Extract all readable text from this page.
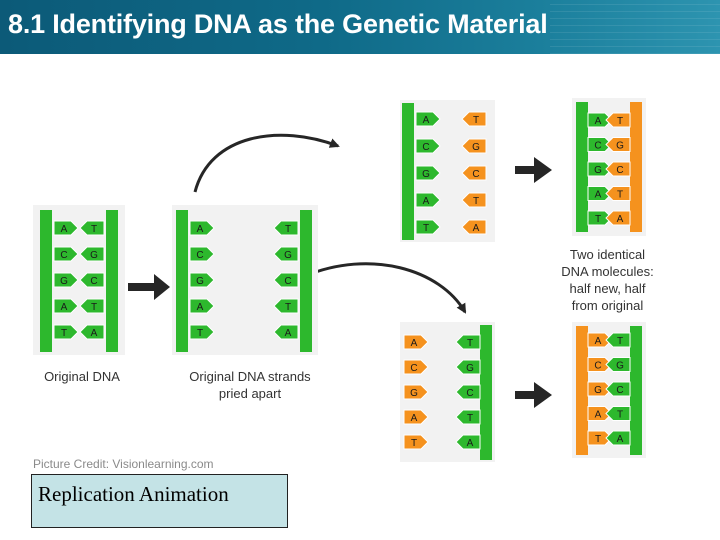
8.1 Identifying DNA as the Genetic Material
A T
C G
G C
A T
T A
A	T
C	G
G	C
A	T
T	A
A	T
C	G
G	C
A	T
T	A
A T
C G
G C
A T
T A
A	T
C	G
G	C
A	T
T	A
A T
C G
G C
A T
T A
Original DNA	Original DNA strands
pried apart
Two identical
DNA molecules:
half new, half
from original
Picture Credit: Visionlearning.com
Replication Animation
